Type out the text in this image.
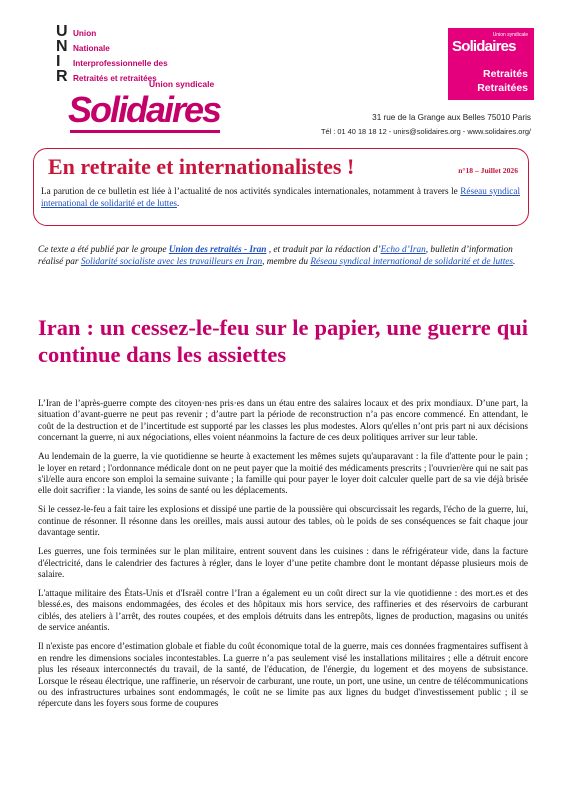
U
N
I
R
Union
Nationale
Interprofessionnelle des
Retraités et retraitées
Union syndicale
Solidaires
Union syndicale
Solidaires
Retraités
Retraitées
31 rue de la Grange aux Belles 75010 Paris
Tél : 01 40 18 18 12 - unirs@solidaires.org - www.solidaires.org/
En retraite et internationalistes !	n°18 – Juillet 2026
La parution de ce bulletin est liée à l’actualité de nos activités syndicales internationales, notamment à travers le Réseau syndical international de solidarité et de luttes.
Ce texte a été publié par le groupe Union des retraités - Iran , et traduit par la rédaction d’Echo d’Iran, bulletin d’information réalisé par Solidarité socialiste avec les travailleurs en Iran, membre du Réseau syndical international de solidarité et de luttes.
Iran : un cessez-le-feu sur le papier, une guerre qui continue dans les assiettes

L’Iran de l’après-guerre compte des citoyen·nes pris·es dans un étau entre des salaires locaux et des prix mondiaux. D’une part, la situation d’avant-guerre ne peut pas revenir ; d’autre part la période de reconstruction n’a pas encore commencé. En attendant, le coût de la destruction et de l’incertitude est supporté par les classes les plus modestes. Alors qu'elles n’ont pris part ni aux décisions concernant la guerre, ni aux négociations, elles voient néanmoins la facture de ces deux politiques arriver sur leur table.

Au lendemain de la guerre, la vie quotidienne se heurte à exactement les mêmes sujets qu'auparavant : la file d'attente pour le pain ; le loyer en retard ; l'ordonnance médicale dont on ne peut payer que la moitié des médicaments prescrits ; l'ouvrier/ère qui ne sait pas s'il/elle aura encore son emploi la semaine suivante ; la famille qui pour payer le loyer doit calculer quelle part de sa vie déjà brisée elle doit sacrifier : la viande, les soins de santé ou les déplacements.

Si le cessez-le-feu a fait taire les explosions et dissipé une partie de la poussière qui obscurcissait les regards, l'écho de la guerre, lui, continue de résonner. Il résonne dans les oreilles, mais aussi autour des tables, où le poids de ses conséquences se fait chaque jour davantage sentir.

Les guerres, une fois terminées sur le plan militaire, entrent souvent dans les cuisines : dans le réfrigérateur vide, dans la facture d'électricité, dans le calendrier des factures à régler, dans le loyer d’une petite chambre dont le montant dépasse plusieurs mois de salaire.

L'attaque militaire des États-Unis et d'Israël contre l’Iran a également eu un coût direct sur la vie quotidienne : des mort.es et des blessé.es, des maisons endommagées, des écoles et des hôpitaux mis hors service, des raffineries et des réservoirs de carburant ciblés, des ateliers à l’arrêt, des routes coupées, et des emplois détruits dans les entrepôts, lignes de production, magasins ou unités de service anéantis.

Il n'existe pas encore d’estimation globale et fiable du coût économique total de la guerre, mais ces données fragmentaires suffisent à en rendre les dimensions sociales incontestables. La guerre n’a pas seulement visé les installations militaires ; elle a détruit encore plus les réseaux interconnectés du travail, de la santé, de l'éducation, de l'énergie, du logement et des moyens de subsistance. Lorsque le réseau électrique, une raffinerie, un réservoir de carburant, une route, un port, une usine, un centre de télécommunications ou des infrastructures urbaines sont endommagés, le coût ne se limite pas aux lignes du budget d'investissement public ; il se répercute dans les foyers sous forme de coupures
